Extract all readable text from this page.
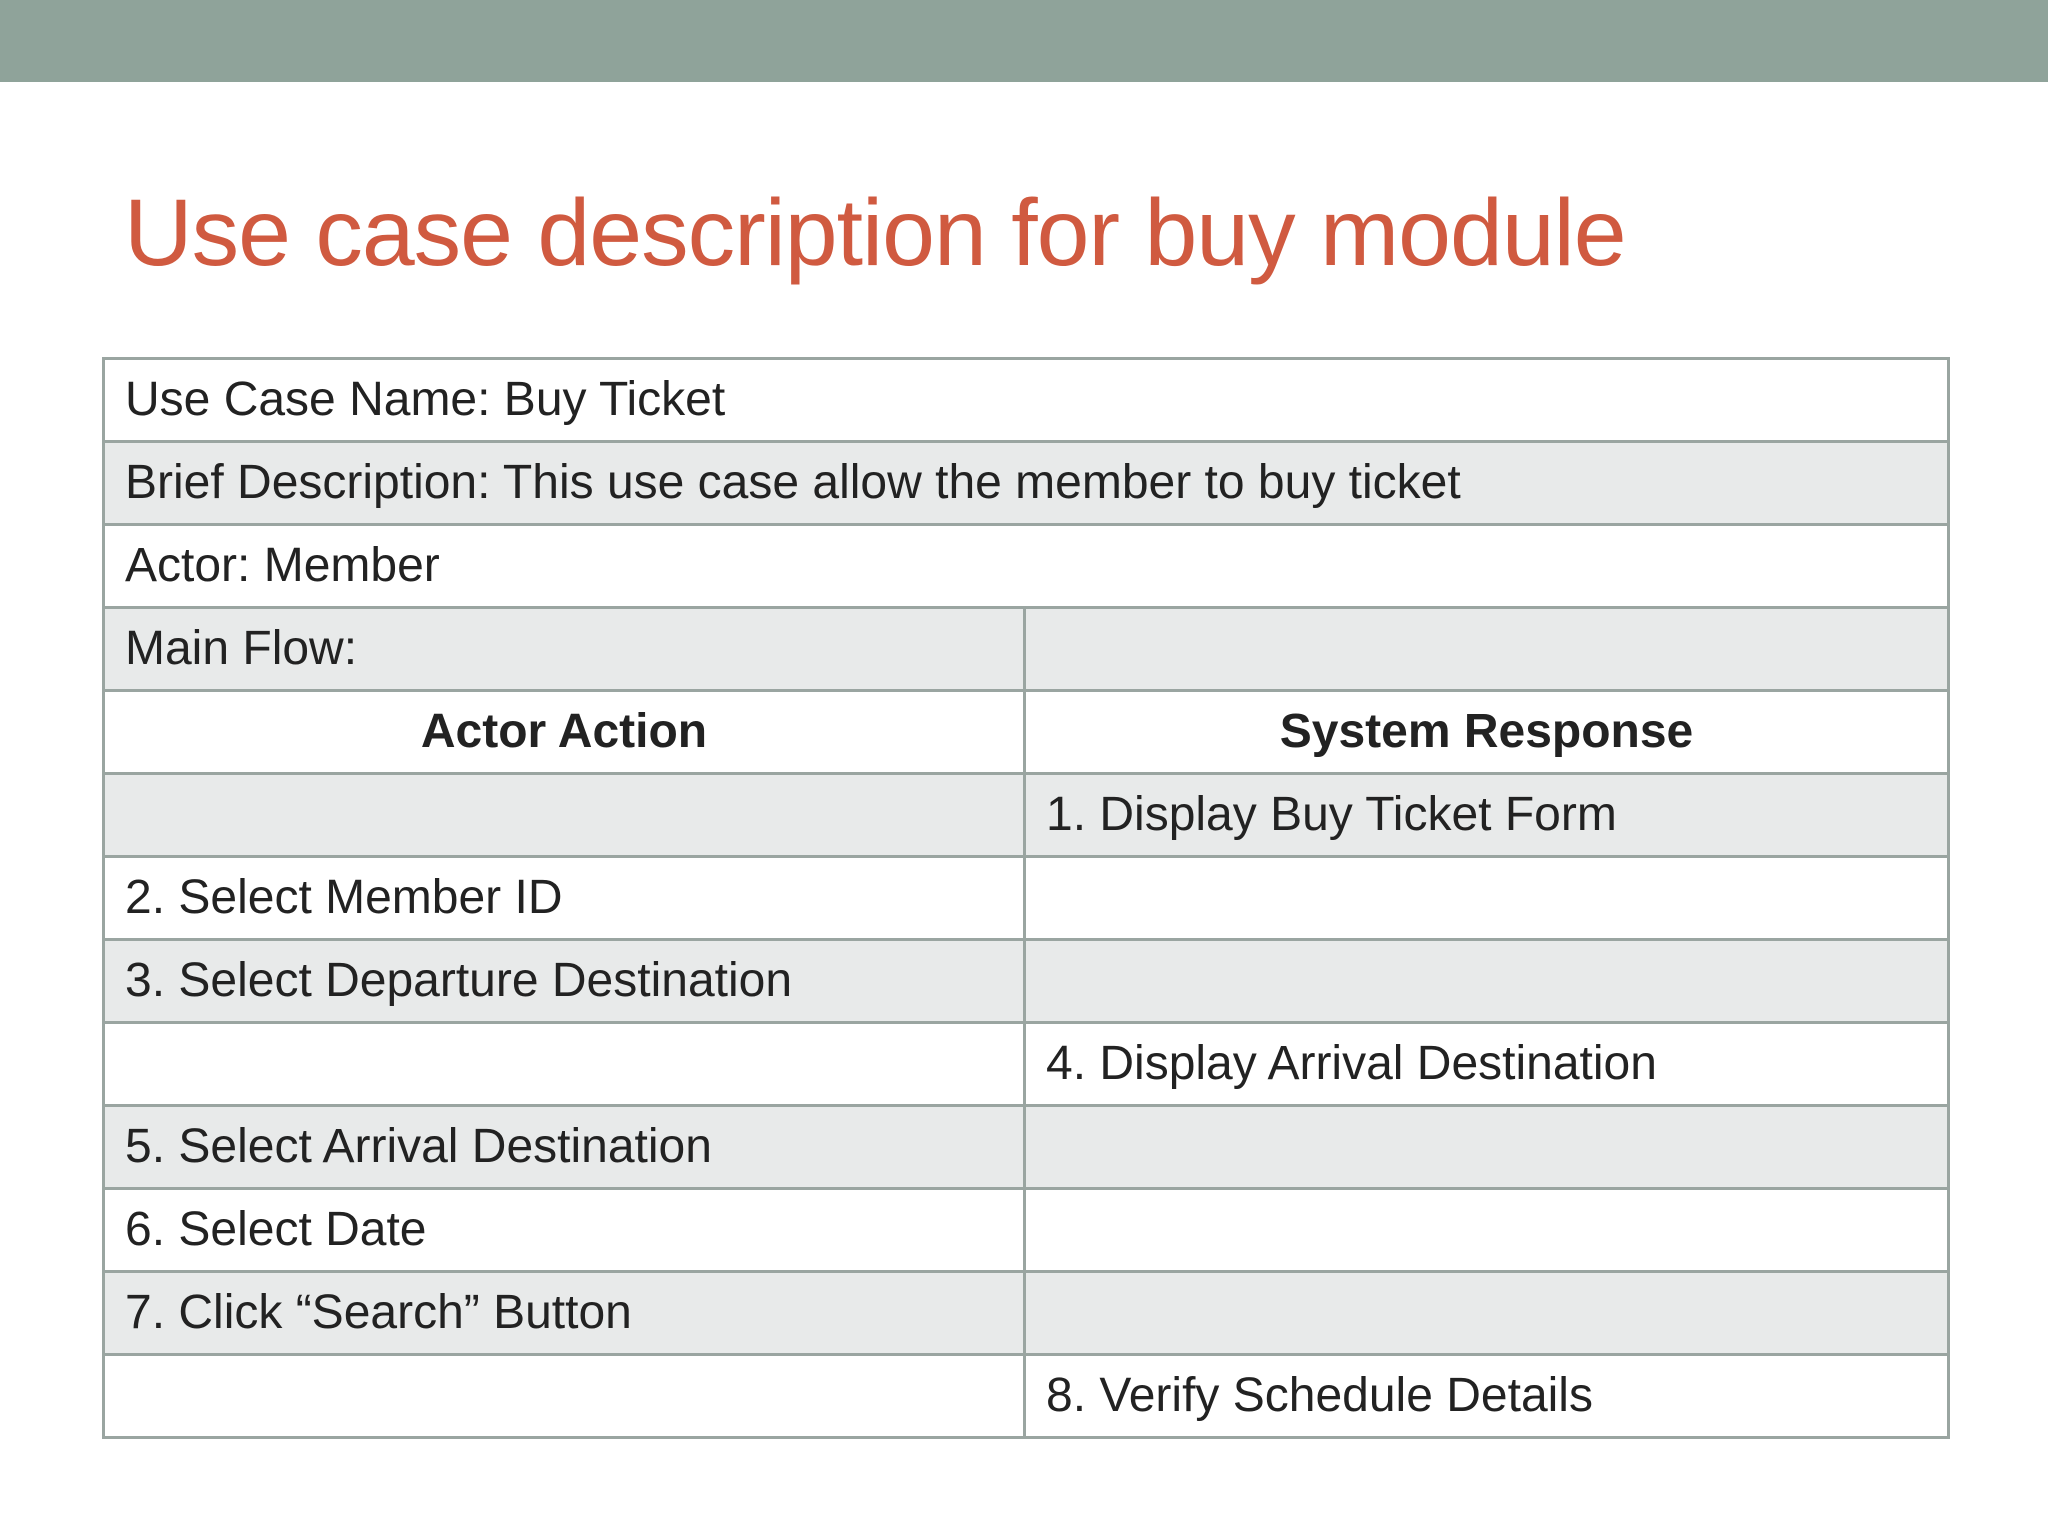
Use case description for buy module
Use Case Name: Buy Ticket	
Brief Description: This use case allow the member to buy ticket	
Actor: Member	
Main Flow:	
Actor Action	System Response
	1. Display Buy Ticket Form
2. Select Member ID	
3. Select Departure Destination	
	4. Display Arrival Destination
5. Select Arrival Destination	
6. Select Date	
7. Click “Search” Button	
	8. Verify Schedule Details
